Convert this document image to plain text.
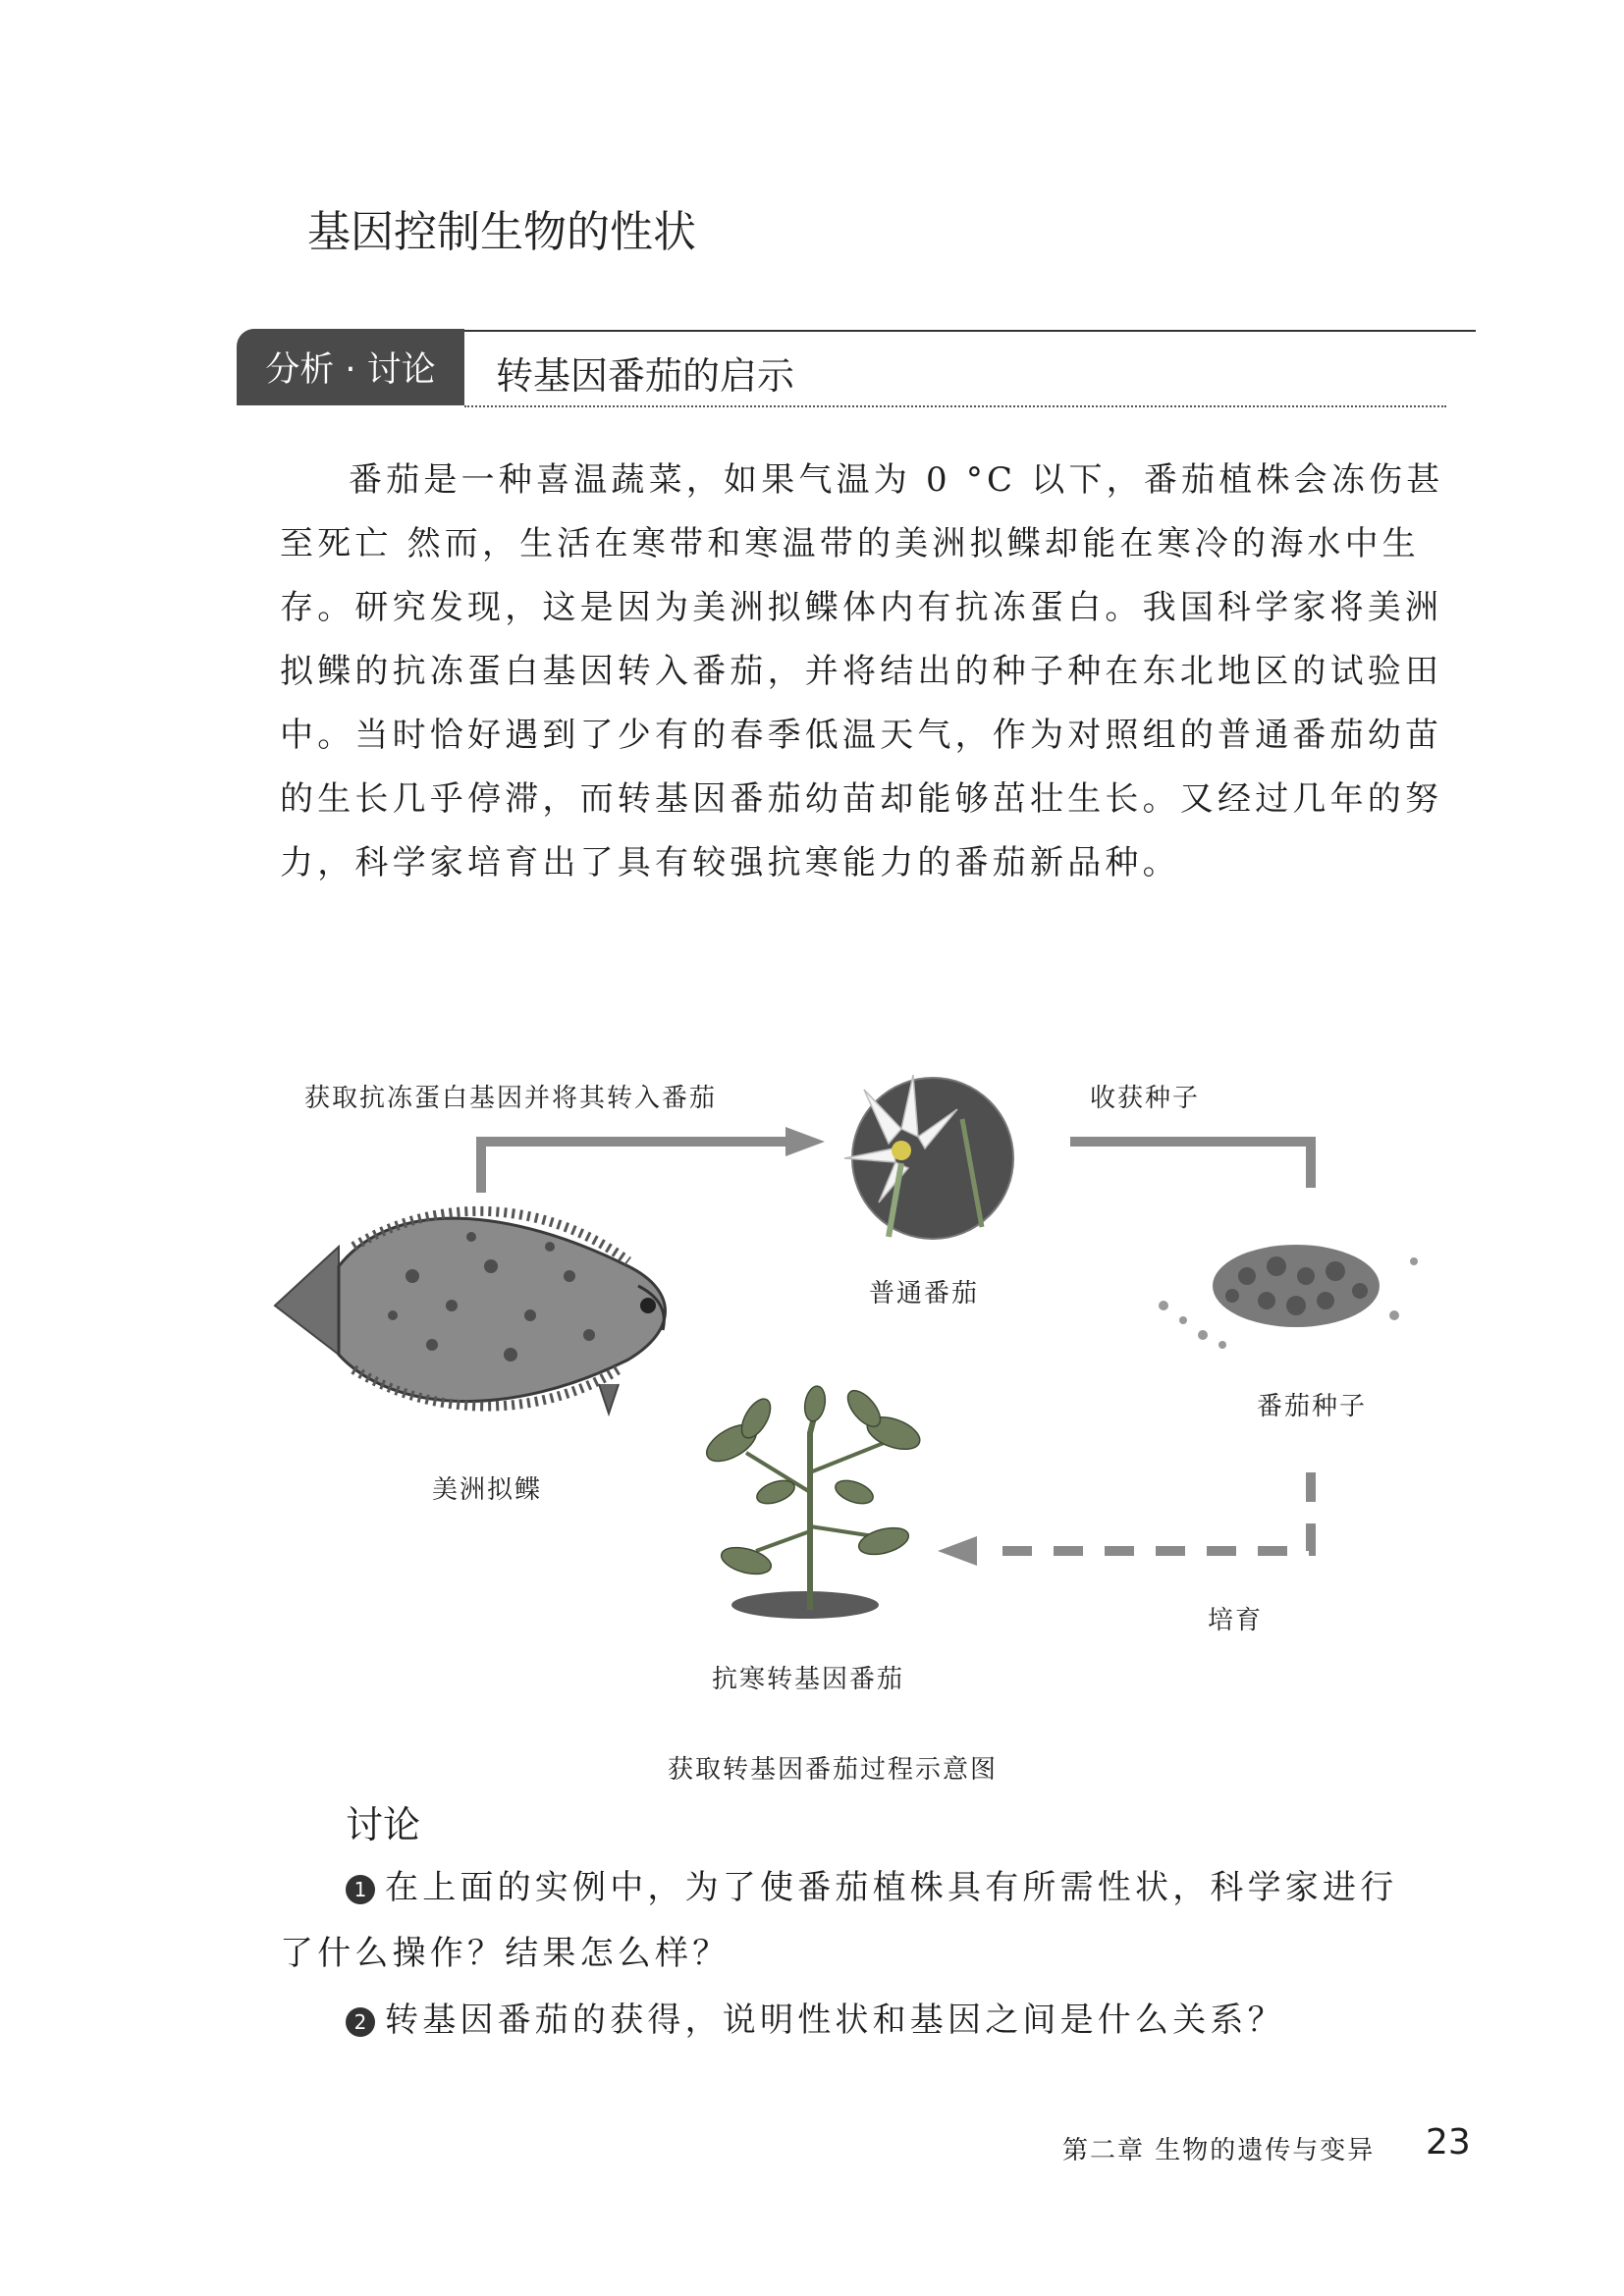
基因控制生物的性状
分析 · 讨论	转基因番茄的启示
番茄是一种喜温蔬菜，如果气温为 0 °C 以下，番茄植株会冻伤甚
至死亡 然而，生活在寒带和寒温带的美洲拟鲽却能在寒冷的海水中生
存。研究发现，这是因为美洲拟鲽体内有抗冻蛋白。我国科学家将美洲
拟鲽的抗冻蛋白基因转入番茄，并将结出的种子种在东北地区的试验田
中。当时恰好遇到了少有的春季低温天气，作为对照组的普通番茄幼苗
的生长几乎停滞，而转基因番茄幼苗却能够茁壮生长。又经过几年的努
力，科学家培育出了具有较强抗寒能力的番茄新品种。
获取抗冻蛋白基因并将其转入番茄	收获种子
普通番茄
番茄种子
美洲拟鲽
培育
抗寒转基因番茄
获取转基因番茄过程示意图
讨论
1 在上面的实例中，为了使番茄植株具有所需性状，科学家进行
了什么操作？结果怎么样？
2 转基因番茄的获得，说明性状和基因之间是什么关系？
第二章 生物的遗传与变异 23
